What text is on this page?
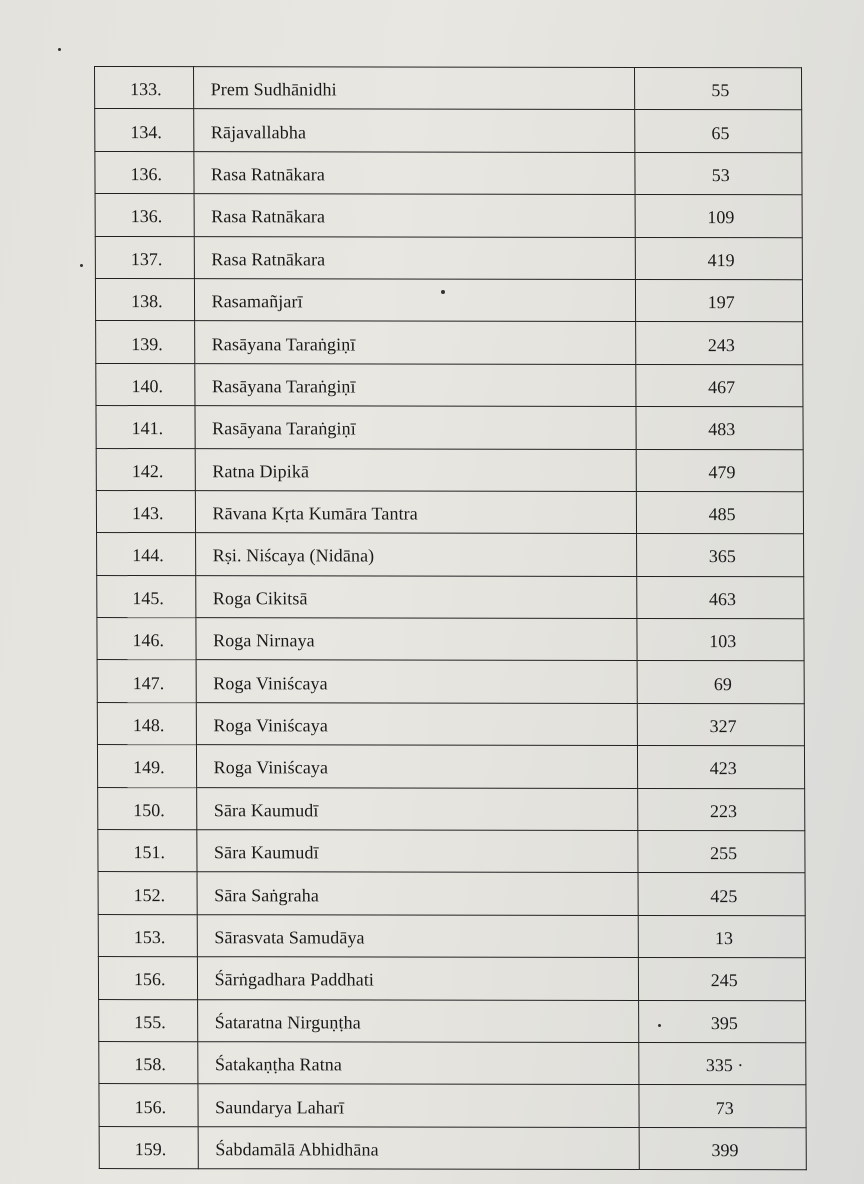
133.	Prem Sudhānidhi	55
134.	Rājavallabha	65
136.	Rasa Ratnākara	53
136.	Rasa Ratnākara	109
137.	Rasa Ratnākara	419
138.	Rasamañjarī	197
139.	Rasāyana Taraṅgiṇī	243
140.	Rasāyana Taraṅgiṇī	467
141.	Rasāyana Taraṅgiṇī	483
142.	Ratna Dipikā	479
143.	Rāvana Kṛta Kumāra Tantra	485
144.	Rṣi. Niścaya (Nidāna)	365
145.	Roga Cikitsā	463
146.	Roga Nirnaya	103
147.	Roga Viniścaya	69
148.	Roga Viniścaya	327
149.	Roga Viniścaya	423
150.	Sāra Kaumudī	223
151.	Sāra Kaumudī	255
152.	Sāra Saṅgraha	425
153.	Sārasvata Samudāya	13
156.	Śārṅgadhara Paddhati	245
155.	Śataratna Nirguṇṭha	395
158.	Śatakaṇṭha Ratna	335 ·
156.	Saundarya Laharī	73
159.	Śabdamālā Abhidhāna	399
